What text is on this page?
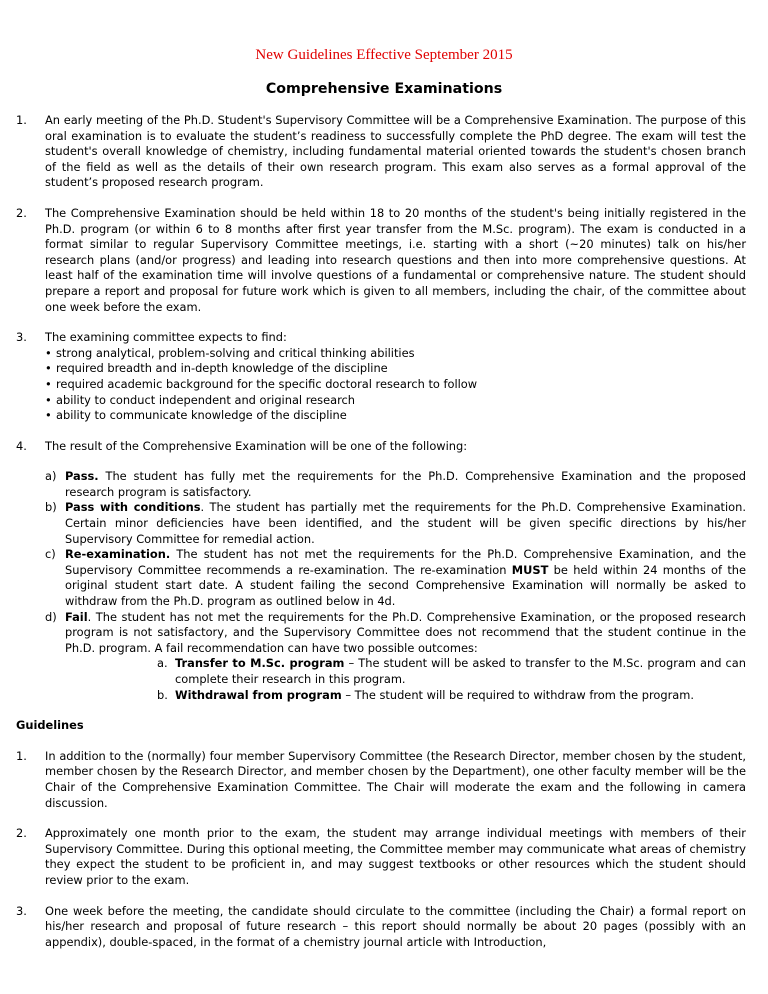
New Guidelines Effective September 2015
Comprehensive Examinations
1. An early meeting of the Ph.D. Student's Supervisory Committee will be a Comprehensive Examination. The purpose of this oral examination is to evaluate the student’s readiness to successfully complete the PhD degree. The exam will test the student's overall knowledge of chemistry, including fundamental material oriented towards the student's chosen branch of the field as well as the details of their own research program. This exam also serves as a formal approval of the student’s proposed research program.
2. The Comprehensive Examination should be held within 18 to 20 months of the student's being initially registered in the Ph.D. program (or within 6 to 8 months after first year transfer from the M.Sc. program). The exam is conducted in a format similar to regular Supervisory Committee meetings, i.e. starting with a short (~20 minutes) talk on his/her research plans (and/or progress) and leading into research questions and then into more comprehensive questions. At least half of the examination time will involve questions of a fundamental or comprehensive nature. The student should prepare a report and proposal for future work which is given to all members, including the chair, of the committee about one week before the exam.
3. The examining committee expects to find:
• strong analytical, problem-solving and critical thinking abilities
• required breadth and in-depth knowledge of the discipline
• required academic background for the specific doctoral research to follow
• ability to conduct independent and original research
• ability to communicate knowledge of the discipline
4. The result of the Comprehensive Examination will be one of the following:
a) Pass. The student has fully met the requirements for the Ph.D. Comprehensive Examination and the proposed research program is satisfactory.
b) Pass with conditions. The student has partially met the requirements for the Ph.D. Comprehensive Examination. Certain minor deficiencies have been identified, and the student will be given specific directions by his/her Supervisory Committee for remedial action.
c) Re-examination. The student has not met the requirements for the Ph.D. Comprehensive Examination, and the Supervisory Committee recommends a re-examination. The re-examination MUST be held within 24 months of the original student start date. A student failing the second Comprehensive Examination will normally be asked to withdraw from the Ph.D. program as outlined below in 4d.
d) Fail. The student has not met the requirements for the Ph.D. Comprehensive Examination, or the proposed research program is not satisfactory, and the Supervisory Committee does not recommend that the student continue in the Ph.D. program. A fail recommendation can have two possible outcomes:
a. Transfer to M.Sc. program – The student will be asked to transfer to the M.Sc. program and can complete their research in this program.
b. Withdrawal from program – The student will be required to withdraw from the program.
Guidelines
1. In addition to the (normally) four member Supervisory Committee (the Research Director, member chosen by the student, member chosen by the Research Director, and member chosen by the Department), one other faculty member will be the Chair of the Comprehensive Examination Committee. The Chair will moderate the exam and the following in camera discussion.
2. Approximately one month prior to the exam, the student may arrange individual meetings with members of their Supervisory Committee. During this optional meeting, the Committee member may communicate what areas of chemistry they expect the student to be proficient in, and may suggest textbooks or other resources which the student should review prior to the exam.
3. One week before the meeting, the candidate should circulate to the committee (including the Chair) a formal report on his/her research and proposal of future research – this report should normally be about 20 pages (possibly with an appendix), double-spaced, in the format of a chemistry journal article with Introduction,
